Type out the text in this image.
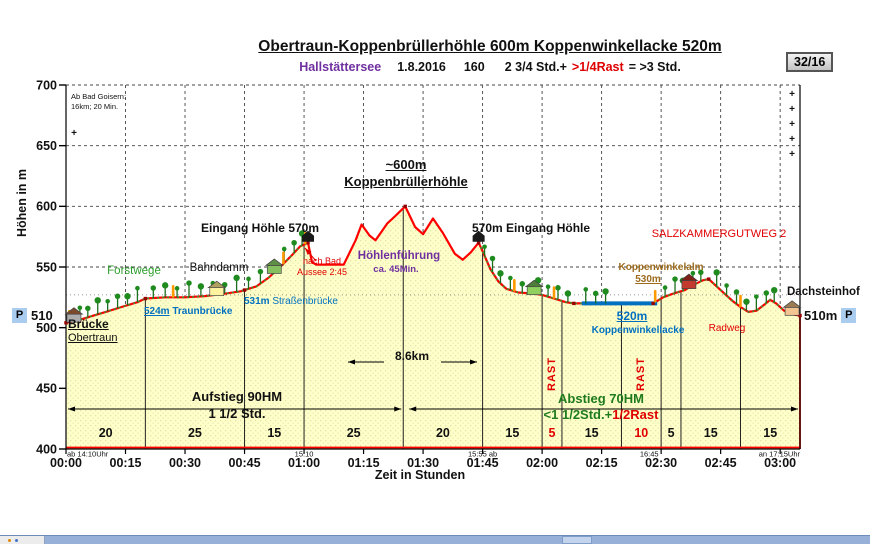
700
650
600
550
500
450
400
00:00 00:15 00:30 00:45 01:00 01:15 01:30 01:45 02:00 02:15 02:30 02:45 03:00
ab 14:10Uhr	15:10	15:55 ab	16:45	an 17:15Uhr
20	25	15	25	20	15 5 15	10 5 15	15
+
+
+
+
+
+
Obertraun-Koppenbrüllerhöhle 600m Koppenwinkellacke 520m
Hallstättersee 1.8.2016 160 2 3/4 Std.+ >1/4Rast = >3 Std.	32/16
Höhen in m
Zeit in Stunden
Ab Bad Goisern:
16km; 20 Min.
Eingang Höhle 570m
~600m
Koppenbrüllerhöhle
570m Eingang Höhle	SALZKAMMERGUTWEG 2
Höhlenführung
ca. 45Min.
nach Bad
Aussee 2:45
Forstwege	Bahndamm
524m Traunbrücke
531m Straßenbrücke
Koppenwinkelalm
530m
520m
Koppenwinkellacke	Radweg
Dachsteinhof
510m P
P 510
Brücke
Obertraun
RAST	RAST
Aufstieg 90HM
1 1/2 Std.
Abstieg 70HM
<1 1/2Std.+1/2Rast
8.6km
